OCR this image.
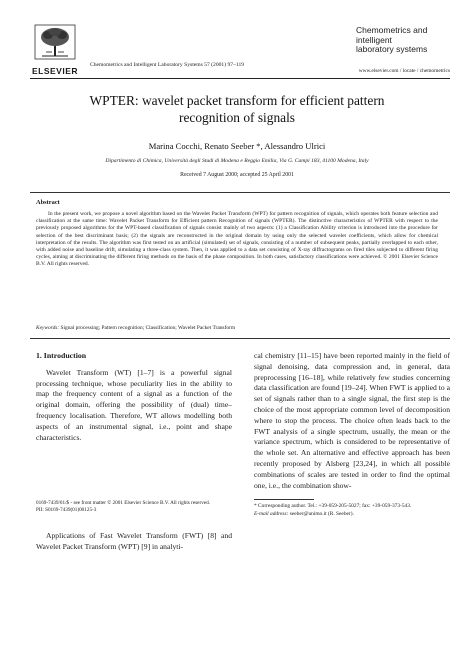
ELSEVIER
Chemometrics and Intelligent Laboratory Systems 57 (2001) 97–119
Chemometrics and
intelligent
laboratory systems
www.elsevier.com / locate / chemometrics
WPTER: wavelet packet transform for efficient pattern
recognition of signals
Marina Cocchi, Renato Seeber *, Alessandro Ulrici
Dipartimento di Chimica, Università degli Studi di Modena e Reggio Emilia, Via G. Campi 183, 41100 Modena, Italy
Received 7 August 2000; accepted 25 April 2001
Abstract
In the present work, we propose a novel algorithm based on the Wavelet Packet Transform (WPT) for pattern recognition of signals, which operates both feature selection and classification at the same time: Wavelet Packet Transform for Efficient pattern Recognition of signals (WPTER). The distinctive characteristics of WPTER with respect to the previously proposed algorithms for the WPT-based classification of signals consist mainly of two aspects: (1) a Classification Ability criterion is introduced into the procedure for selection of the best discriminant basis; (2) the signals are reconstructed in the original domain by using only the selected wavelet coefficients, which allow for chemical interpretation of the results. The algorithm was first tested on an artificial (simulated) set of signals, consisting of a number of subsequent peaks, partially overlapped to each other, with added noise and baseline drift, simulating a three-class system. Then, it was applied to a data set consisting of X-ray diffractograms on fired tiles subjected to different firing cycles, aiming at discriminating the different firing methods on the basis of the phase composition. In both cases, satisfactory classifications were achieved. © 2001 Elsevier Science B.V. All rights reserved.
Keywords: Signal processing; Pattern recognition; Classification; Wavelet Packet Transform
1. Introduction

Wavelet Transform (WT) [1–7] is a powerful signal processing technique, whose peculiarity lies in the ability to map the frequency content of a signal as a function of the original domain, offering the possibility of (dual) time–frequency localisation. Therefore, WT allows modelling both aspects of an instrumental signal, i.e., point and shape characteristics.

0169-7439/01/$ - see front matter © 2001 Elsevier Science B.V. All rights reserved.
PII: S0169-7439(01)00125-3

Applications of Fast Wavelet Transform (FWT) [8] and Wavelet Packet Transform (WPT) [9] in analyti-

cal chemistry [11–15] have been reported mainly in the field of signal denoising, data compression and, in general, data preprocessing [16–18], while relatively few studies concerning data classification are found [19–24]. When FWT is applied to a set of signals rather than to a single signal, the first step is the choice of the most appropriate common level of decomposition where to stop the process. The choice often leads back to the FWT analysis of a single spectrum, usually, the mean or the variance spectrum, which is considered to be representative of the whole set. An alternative and effective approach has been recently proposed by Alsberg [23,24], in which all possible combinations of scales are tested in order to find the optimal one, i.e., the combination show-
* Corresponding author. Tel.: +39-059-205-5027; fax: +39-059-373-543.
E-mail address: seeber@unimo.it (R. Seeber).
